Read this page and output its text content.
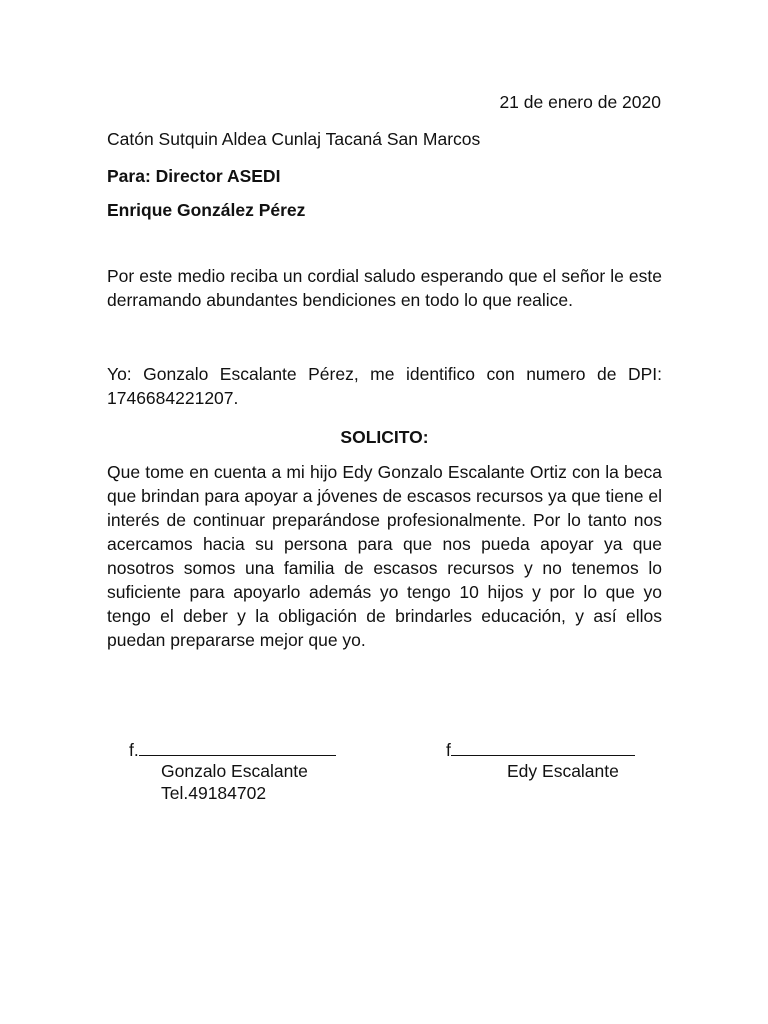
21 de enero de 2020

Catón Sutquin Aldea Cunlaj Tacaná San Marcos

Para: Director ASEDI

Enrique González Pérez

Por este medio reciba un cordial saludo esperando que el señor le este derramando abundantes bendiciones en todo lo que realice.

Yo: Gonzalo Escalante Pérez, me identifico con numero de DPI: 1746684221207.

SOLICITO:

Que tome en cuenta a mi hijo Edy Gonzalo Escalante Ortiz con la beca que brindan para apoyar a jóvenes de escasos recursos ya que tiene el interés de continuar preparándose profesionalmente. Por lo tanto nos acercamos hacia su persona para que nos pueda apoyar ya que nosotros somos una familia de escasos recursos y no tenemos lo suficiente para apoyarlo además yo tengo 10 hijos y por lo que yo tengo el deber y la obligación de brindarles educación, y así ellos puedan prepararse mejor que yo.

f.

Gonzalo Escalante

Tel.49184702

f

Edy Escalante
